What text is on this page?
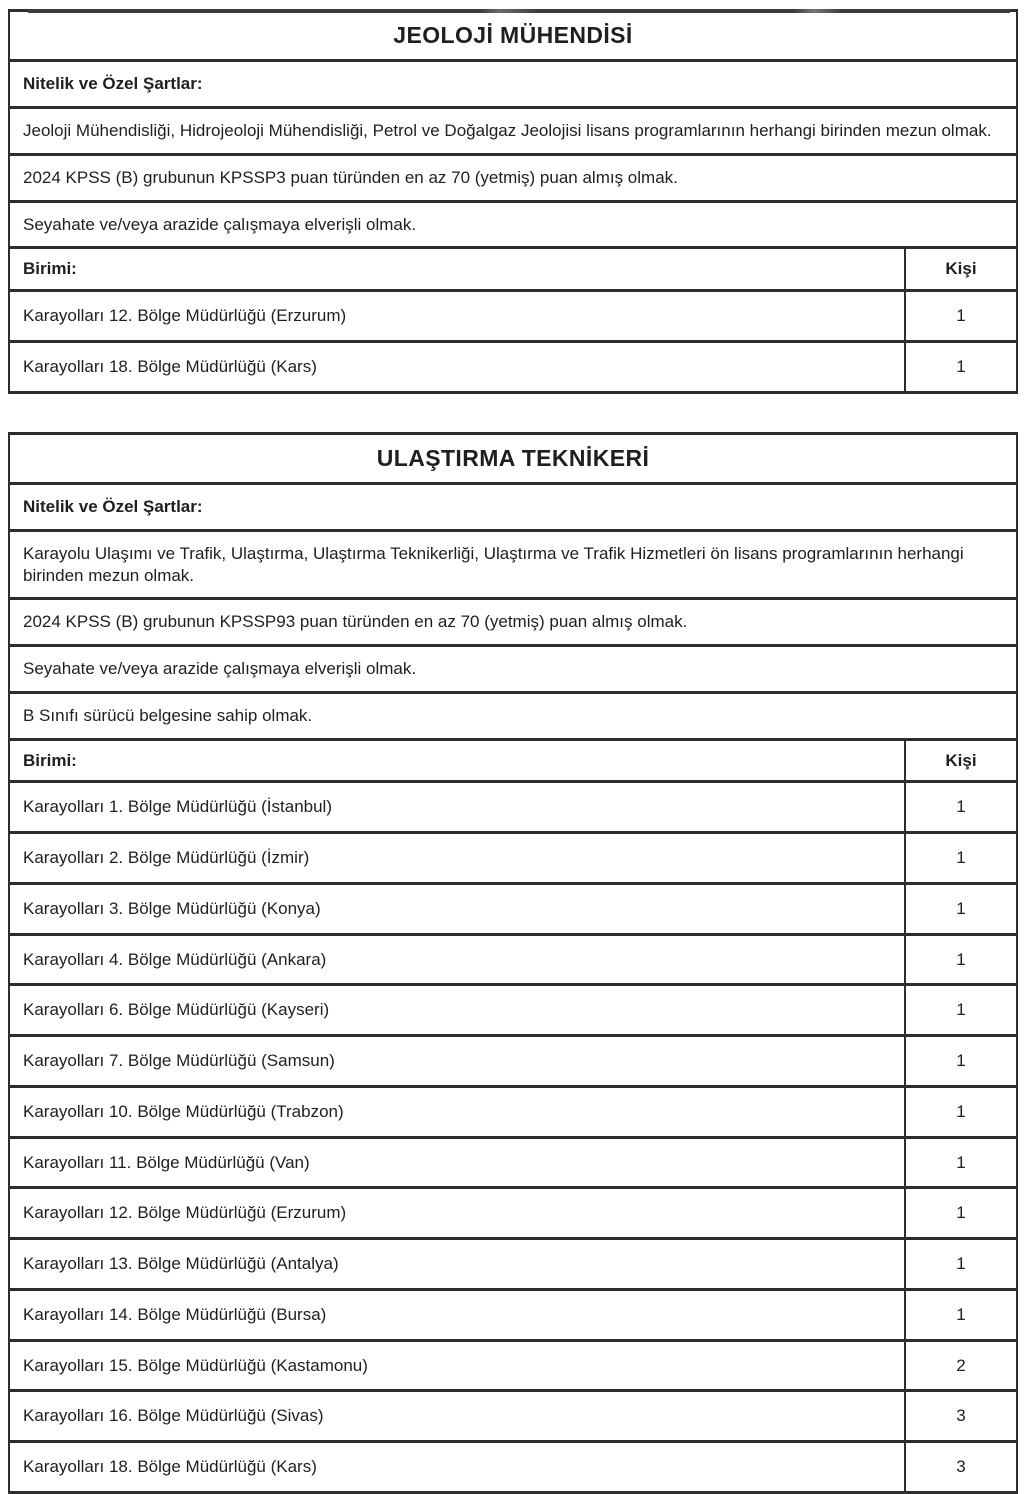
JEOLOJİ MÜHENDİSİ	
Nitelik ve Özel Şartlar:	
Jeoloji Mühendisliği, Hidrojeoloji Mühendisliği, Petrol ve Doğalgaz Jeolojisi lisans programlarının herhangi birinden mezun olmak.	
2024 KPSS (B) grubunun KPSSP3 puan türünden en az 70 (yetmiş) puan almış olmak.	
Seyahate ve/veya arazide çalışmaya elverişli olmak.	
Birimi:	Kişi
Karayolları 12. Bölge Müdürlüğü (Erzurum)	1
Karayolları 18. Bölge Müdürlüğü (Kars)	1
ULAŞTIRMA TEKNİKERİ	
Nitelik ve Özel Şartlar:	
Karayolu Ulaşımı ve Trafik, Ulaştırma, Ulaştırma Teknikerliği, Ulaştırma ve Trafik Hizmetleri ön lisans programlarının herhangi birinden mezun olmak.	
2024 KPSS (B) grubunun KPSSP93 puan türünden en az 70 (yetmiş) puan almış olmak.	
Seyahate ve/veya arazide çalışmaya elverişli olmak.	
B Sınıfı sürücü belgesine sahip olmak.	
Birimi:	Kişi
Karayolları 1. Bölge Müdürlüğü (İstanbul)	1
Karayolları 2. Bölge Müdürlüğü (İzmir)	1
Karayolları 3. Bölge Müdürlüğü (Konya)	1
Karayolları 4. Bölge Müdürlüğü (Ankara)	1
Karayolları 6. Bölge Müdürlüğü (Kayseri)	1
Karayolları 7. Bölge Müdürlüğü (Samsun)	1
Karayolları 10. Bölge Müdürlüğü (Trabzon)	1
Karayolları 11. Bölge Müdürlüğü (Van)	1
Karayolları 12. Bölge Müdürlüğü (Erzurum)	1
Karayolları 13. Bölge Müdürlüğü (Antalya)	1
Karayolları 14. Bölge Müdürlüğü (Bursa)	1
Karayolları 15. Bölge Müdürlüğü (Kastamonu)	2
Karayolları 16. Bölge Müdürlüğü (Sivas)	3
Karayolları 18. Bölge Müdürlüğü (Kars)	3
